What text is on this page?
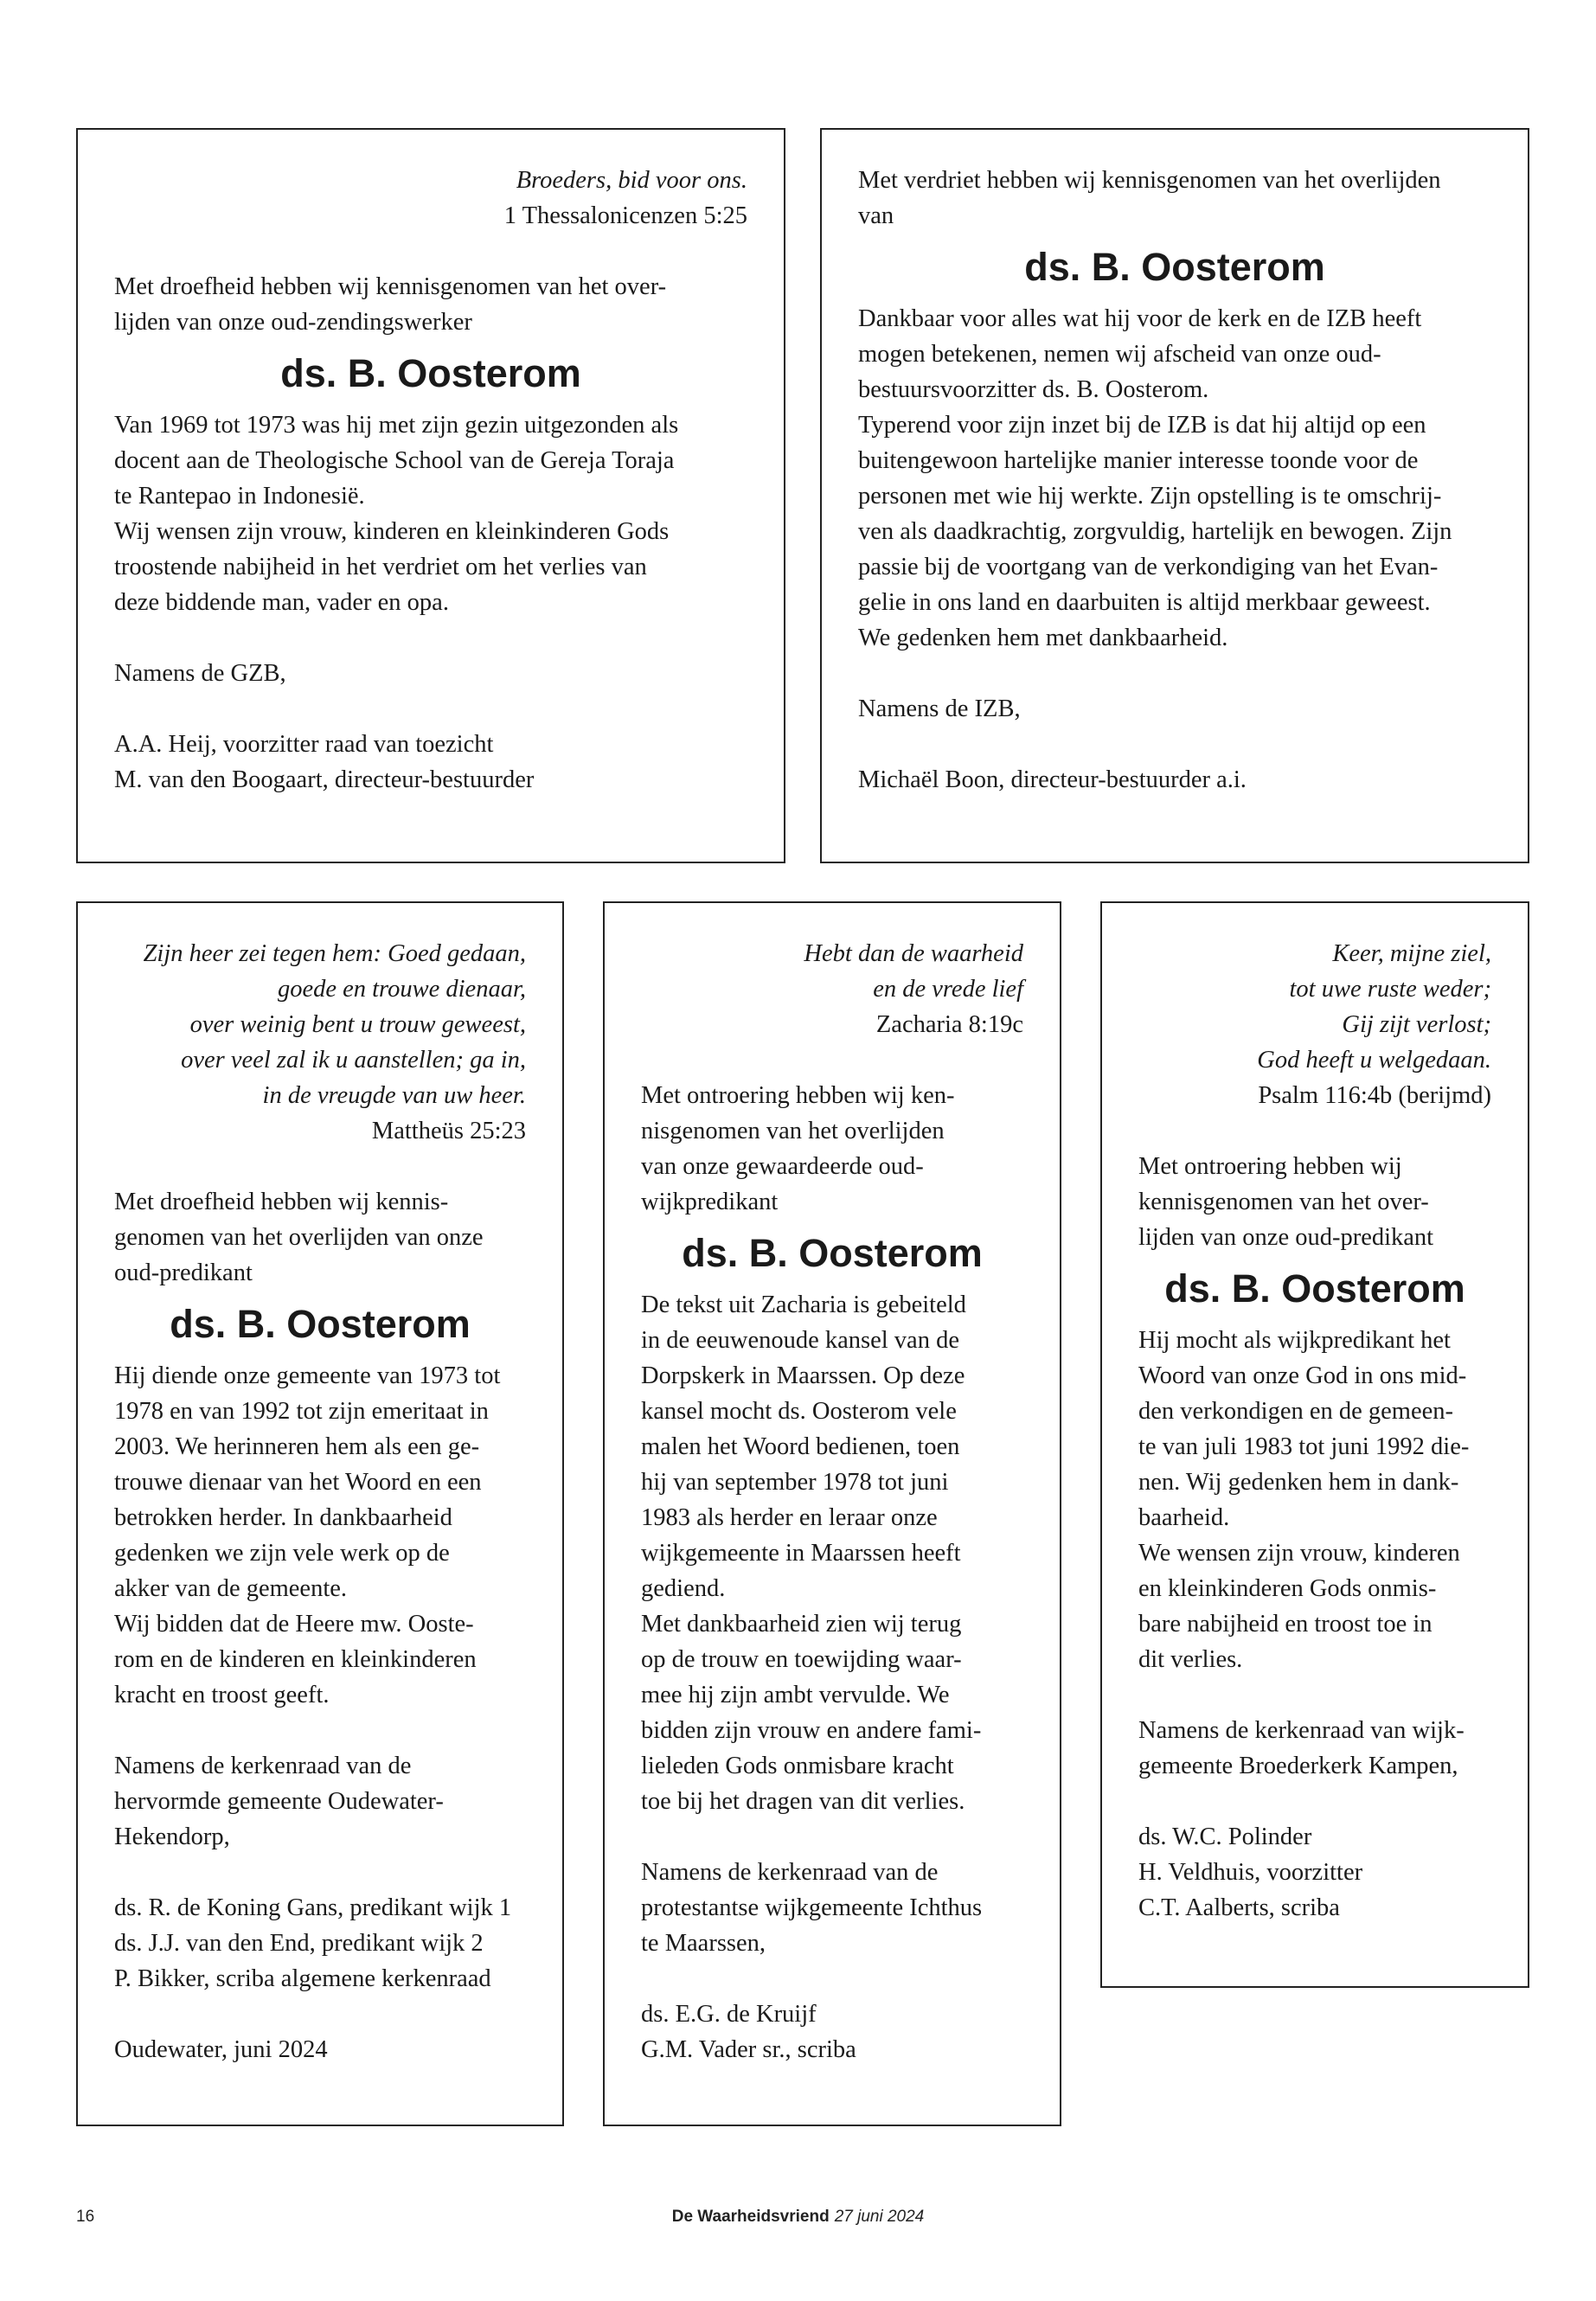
Broeders, bid voor ons.
1 Thessalonicenzen 5:25
Met droefheid hebben wij kennisgenomen van het over-
lijden van onze oud-zendingswerker
ds. B. Oosterom
Van 1969 tot 1973 was hij met zijn gezin uitgezonden als
docent aan de Theologische School van de Gereja Toraja
te Rantepao in Indonesië.
Wij wensen zijn vrouw, kinderen en kleinkinderen Gods
troostende nabijheid in het verdriet om het verlies van
deze biddende man, vader en opa.
Namens de GZB,
A.A. Heij, voorzitter raad van toezicht
M. van den Boogaart, directeur-bestuurder
Met verdriet hebben wij kennisgenomen van het overlijden
van
ds. B. Oosterom
Dankbaar voor alles wat hij voor de kerk en de IZB heeft
mogen betekenen, nemen wij afscheid van onze oud-
bestuursvoorzitter ds. B. Oosterom.
Typerend voor zijn inzet bij de IZB is dat hij altijd op een
buitengewoon hartelijke manier interesse toonde voor de
personen met wie hij werkte. Zijn opstelling is te omschrij-
ven als daadkrachtig, zorgvuldig, hartelijk en bewogen. Zijn
passie bij de voortgang van de verkondiging van het Evan-
gelie in ons land en daarbuiten is altijd merkbaar geweest.
We gedenken hem met dankbaarheid.
Namens de IZB,
Michaël Boon, directeur-bestuurder a.i.
Zijn heer zei tegen hem: Goed gedaan,
goede en trouwe dienaar,
over weinig bent u trouw geweest,
over veel zal ik u aanstellen; ga in,
in de vreugde van uw heer.
Mattheüs 25:23
Met droefheid hebben wij kennis-
genomen van het overlijden van onze
oud-predikant
ds. B. Oosterom
Hij diende onze gemeente van 1973 tot
1978 en van 1992 tot zijn emeritaat in
2003. We herinneren hem als een ge-
trouwe dienaar van het Woord en een
betrokken herder. In dankbaarheid
gedenken we zijn vele werk op de
akker van de gemeente.
Wij bidden dat de Heere mw. Ooste-
rom en de kinderen en kleinkinderen
kracht en troost geeft.
Namens de kerkenraad van de
hervormde gemeente Oudewater-
Hekendorp,
ds. R. de Koning Gans, predikant wijk 1
ds. J.J. van den End, predikant wijk 2
P. Bikker, scriba algemene kerkenraad
Oudewater, juni 2024
Hebt dan de waarheid
en de vrede lief
Zacharia 8:19c
Met ontroering hebben wij ken-
nisgenomen van het overlijden
van onze gewaardeerde oud-
wijkpredikant
ds. B. Oosterom
De tekst uit Zacharia is gebeiteld
in de eeuwenoude kansel van de
Dorpskerk in Maarssen. Op deze
kansel mocht ds. Oosterom vele
malen het Woord bedienen, toen
hij van september 1978 tot juni
1983 als herder en leraar onze
wijkgemeente in Maarssen heeft
gediend.
Met dankbaarheid zien wij terug
op de trouw en toewijding waar-
mee hij zijn ambt vervulde. We
bidden zijn vrouw en andere fami-
lieleden Gods onmisbare kracht
toe bij het dragen van dit verlies.
Namens de kerkenraad van de
protestantse wijkgemeente Ichthus
te Maarssen,
ds. E.G. de Kruijf
G.M. Vader sr., scriba
Keer, mijne ziel,
tot uwe ruste weder;
Gij zijt verlost;
God heeft u welgedaan.
Psalm 116:4b (berijmd)
Met ontroering hebben wij
kennisgenomen van het over-
lijden van onze oud-predikant
ds. B. Oosterom
Hij mocht als wijkpredikant het
Woord van onze God in ons mid-
den verkondigen en de gemeen-
te van juli 1983 tot juni 1992 die-
nen. Wij gedenken hem in dank-
baarheid.
We wensen zijn vrouw, kinderen
en kleinkinderen Gods onmis-
bare nabijheid en troost toe in
dit verlies.
Namens de kerkenraad van wijk-
gemeente Broederkerk Kampen,
ds. W.C. Polinder
H. Veldhuis, voorzitter
C.T. Aalberts, scriba
16	De Waarheidsvriend 27 juni 2024
